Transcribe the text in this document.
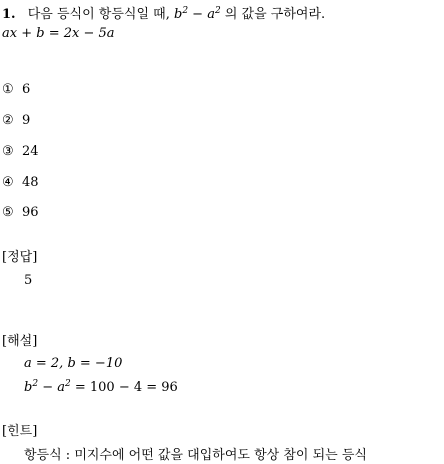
1. 다음 등식이 항등식일 때, $b^2 - a^2$ 의 값을 구하여라.
ax + b = 2x − 5a
① 6
② 9
③ 24
④ 48
⑤ 96
[정답]
5
[해설]
a = 2, b = −10
$b^2 - a^2 = 100 - 4 = 96$
[힌트]
항등식 : 미지수에 어떤 값을 대입하여도 항상 참이 되는 등식
